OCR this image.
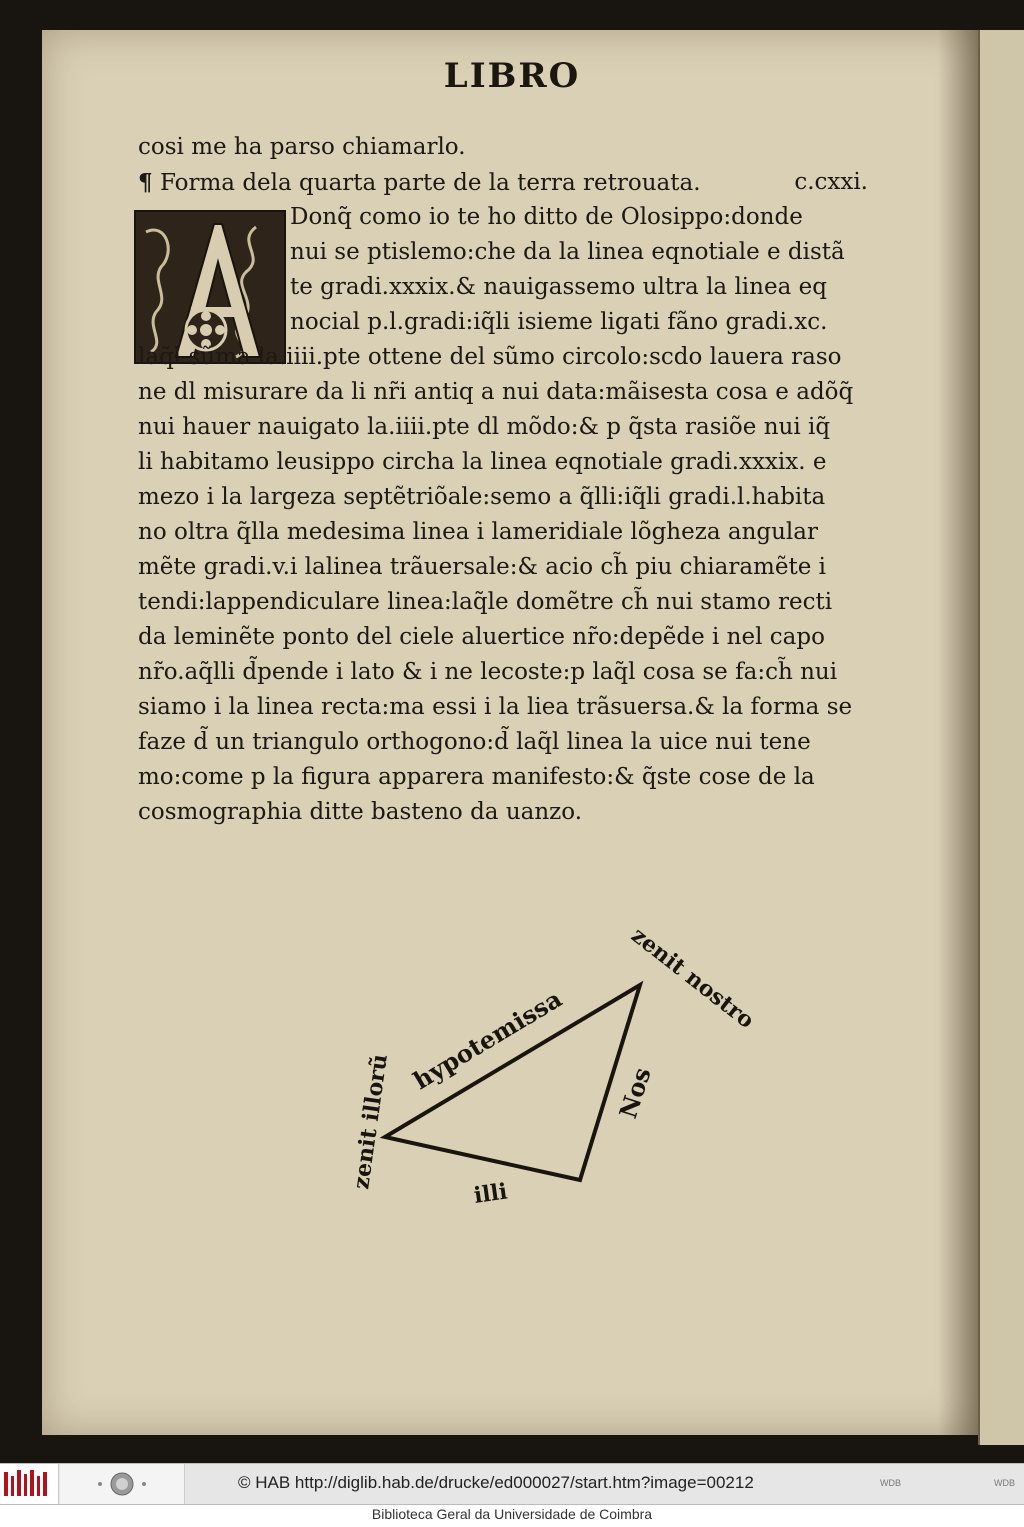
LIBRO
cosi me ha parso chiamarlo.
¶ Forma dela quarta parte de la terra retrouata.	c.cxxi.
Donq̃ como io te ho ditto de Olosippo:donde
nui se ptislemo:che da la linea eqnotiale e distã
te gradi.xxxix.& nauigassemo ultra la linea eq
nocial p.l.gradi:iq̃li isieme ligati fãno gradi.xc.
laq̃l sũma la.iiii.pte ottene del sũmo circolo:scdo lauera raso
ne dl misurare da li nr̃i antiq a nui data:mãisesta cosa e adõq̃
nui hauer nauigato la.iiii.pte dl mõdo:& p q̃sta rasiõe nui iq̃
li habitamo leusippo circha la linea eqnotiale gradi.xxxix. e
mezo i la largeza septẽtriõale:semo a q̃lli:iq̃li gradi.l.habita
no oltra q̃lla medesima linea i lameridiale lõgheza angular
mẽte gradi.v.i lalinea trãuersale:& acio ch̃ piu chiaramẽte i
tendi:lappendiculare linea:laq̃le domẽtre ch̃ nui stamo recti
da leminẽte ponto del ciele aluertice nr̃o:depẽde i nel capo
nr̃o.aq̃lli d̃pende i lato & i ne lecoste:p laq̃l cosa se fa:ch̃ nui
siamo i la linea recta:ma essi i la liea trãsuersa.& la forma se
faze d̃ un triangulo orthogono:d̃ laq̃l linea la uice nui tene
mo:come p la figura apparera manifesto:& q̃ste cose de la
cosmographia ditte basteno da uanzo.
hypotemissa
zenit nostro
zenit illorũ	Nos
illi
© HAB http://diglib.hab.de/drucke/ed000027/start.htm?image=00212	WDB	WDB
Biblioteca Geral da Universidade de Coimbra
